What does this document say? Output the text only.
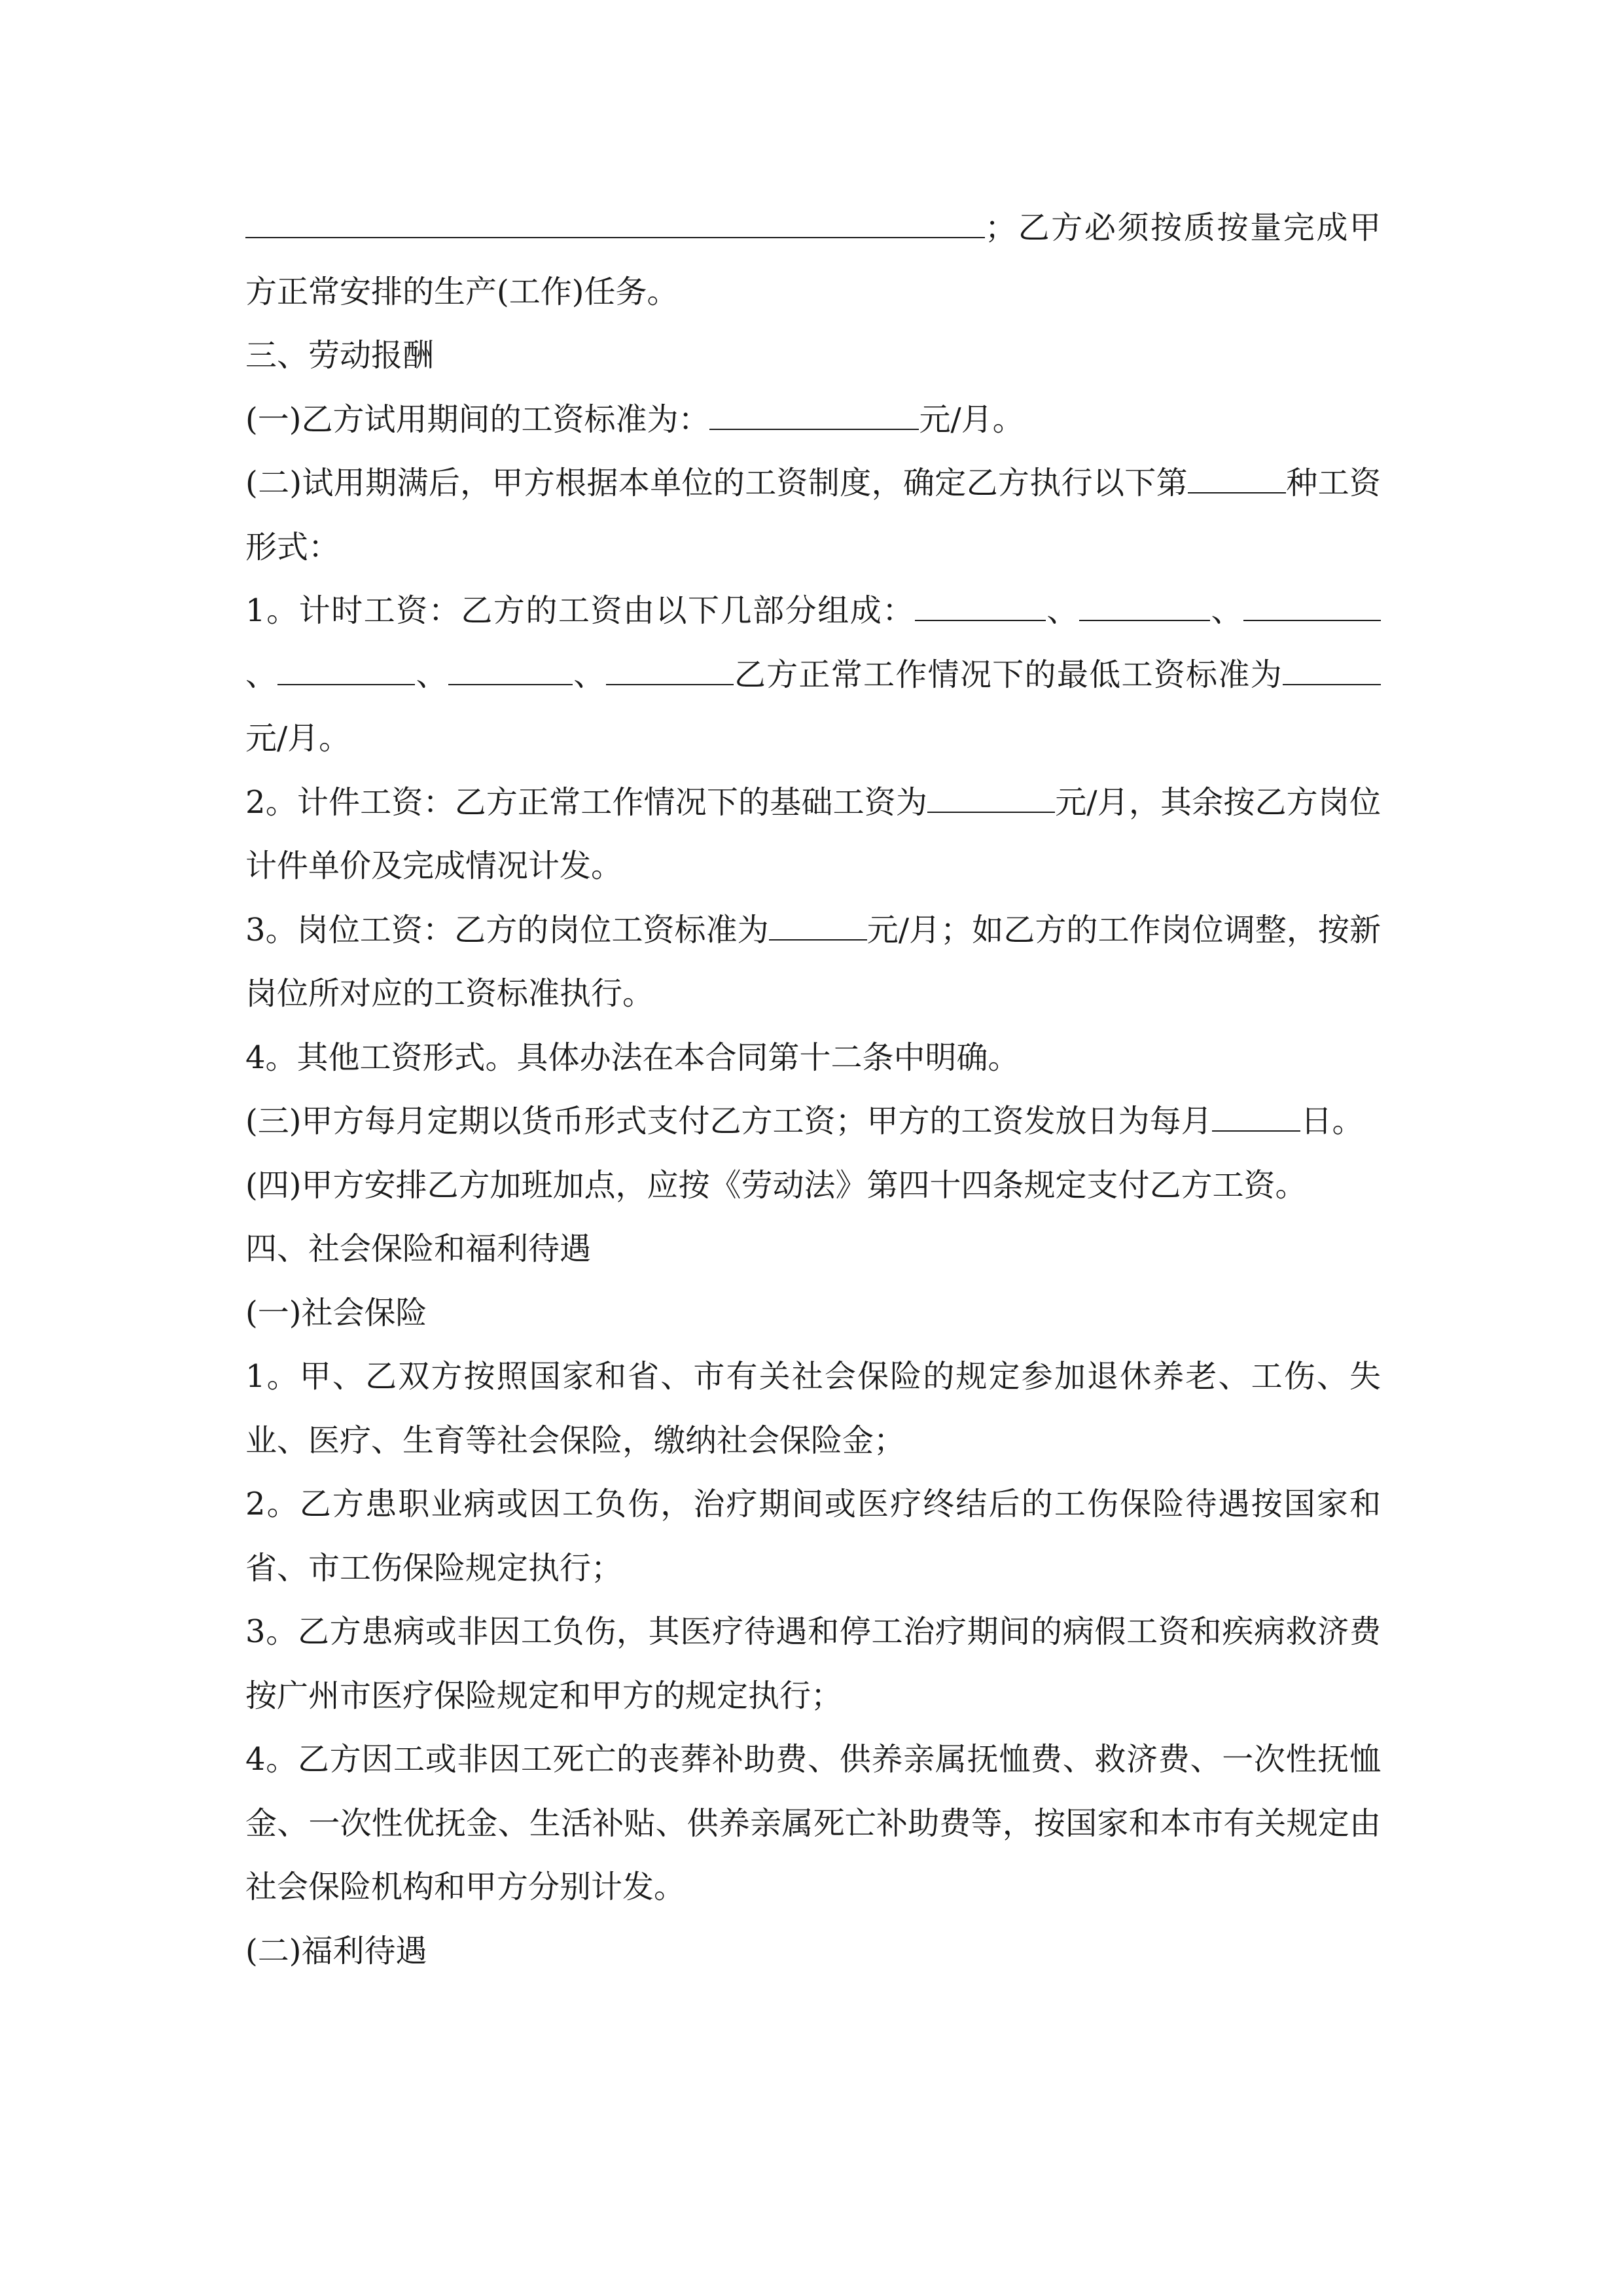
；乙方必须按质按量完成甲方正常安排的生产(工作)任务。

三、劳动报酬

(一)乙方试用期间的工资标准为：	元/月。

(二)试用期满后，甲方根据本单位的工资制度，确定乙方执行以下第	种工资形式：

1。计时工资：乙方的工资由以下几部分组成：	、	、、	、	、	乙方正常工作情况下的最低工资标准为元/月。

2。计件工资：乙方正常工作情况下的基础工资为	元/月，其余按乙方岗位计件单价及完成情况计发。

3。岗位工资：乙方的岗位工资标准为	元/月；如乙方的工作岗位调整，按新岗位所对应的工资标准执行。

4。其他工资形式。具体办法在本合同第十二条中明确。

(三)甲方每月定期以货币形式支付乙方工资；甲方的工资发放日为每月	日。

(四)甲方安排乙方加班加点，应按《劳动法》第四十四条规定支付乙方工资。

四、社会保险和福利待遇

(一)社会保险

1。甲、乙双方按照国家和省、市有关社会保险的规定参加退休养老、工伤、失业、医疗、生育等社会保险，缴纳社会保险金；

2。乙方患职业病或因工负伤，治疗期间或医疗终结后的工伤保险待遇按国家和省、市工伤保险规定执行；

3。乙方患病或非因工负伤，其医疗待遇和停工治疗期间的病假工资和疾病救济费按广州市医疗保险规定和甲方的规定执行；

4。乙方因工或非因工死亡的丧葬补助费、供养亲属抚恤费、救济费、一次性抚恤金、一次性优抚金、生活补贴、供养亲属死亡补助费等，按国家和本市有关规定由社会保险机构和甲方分别计发。

(二)福利待遇
